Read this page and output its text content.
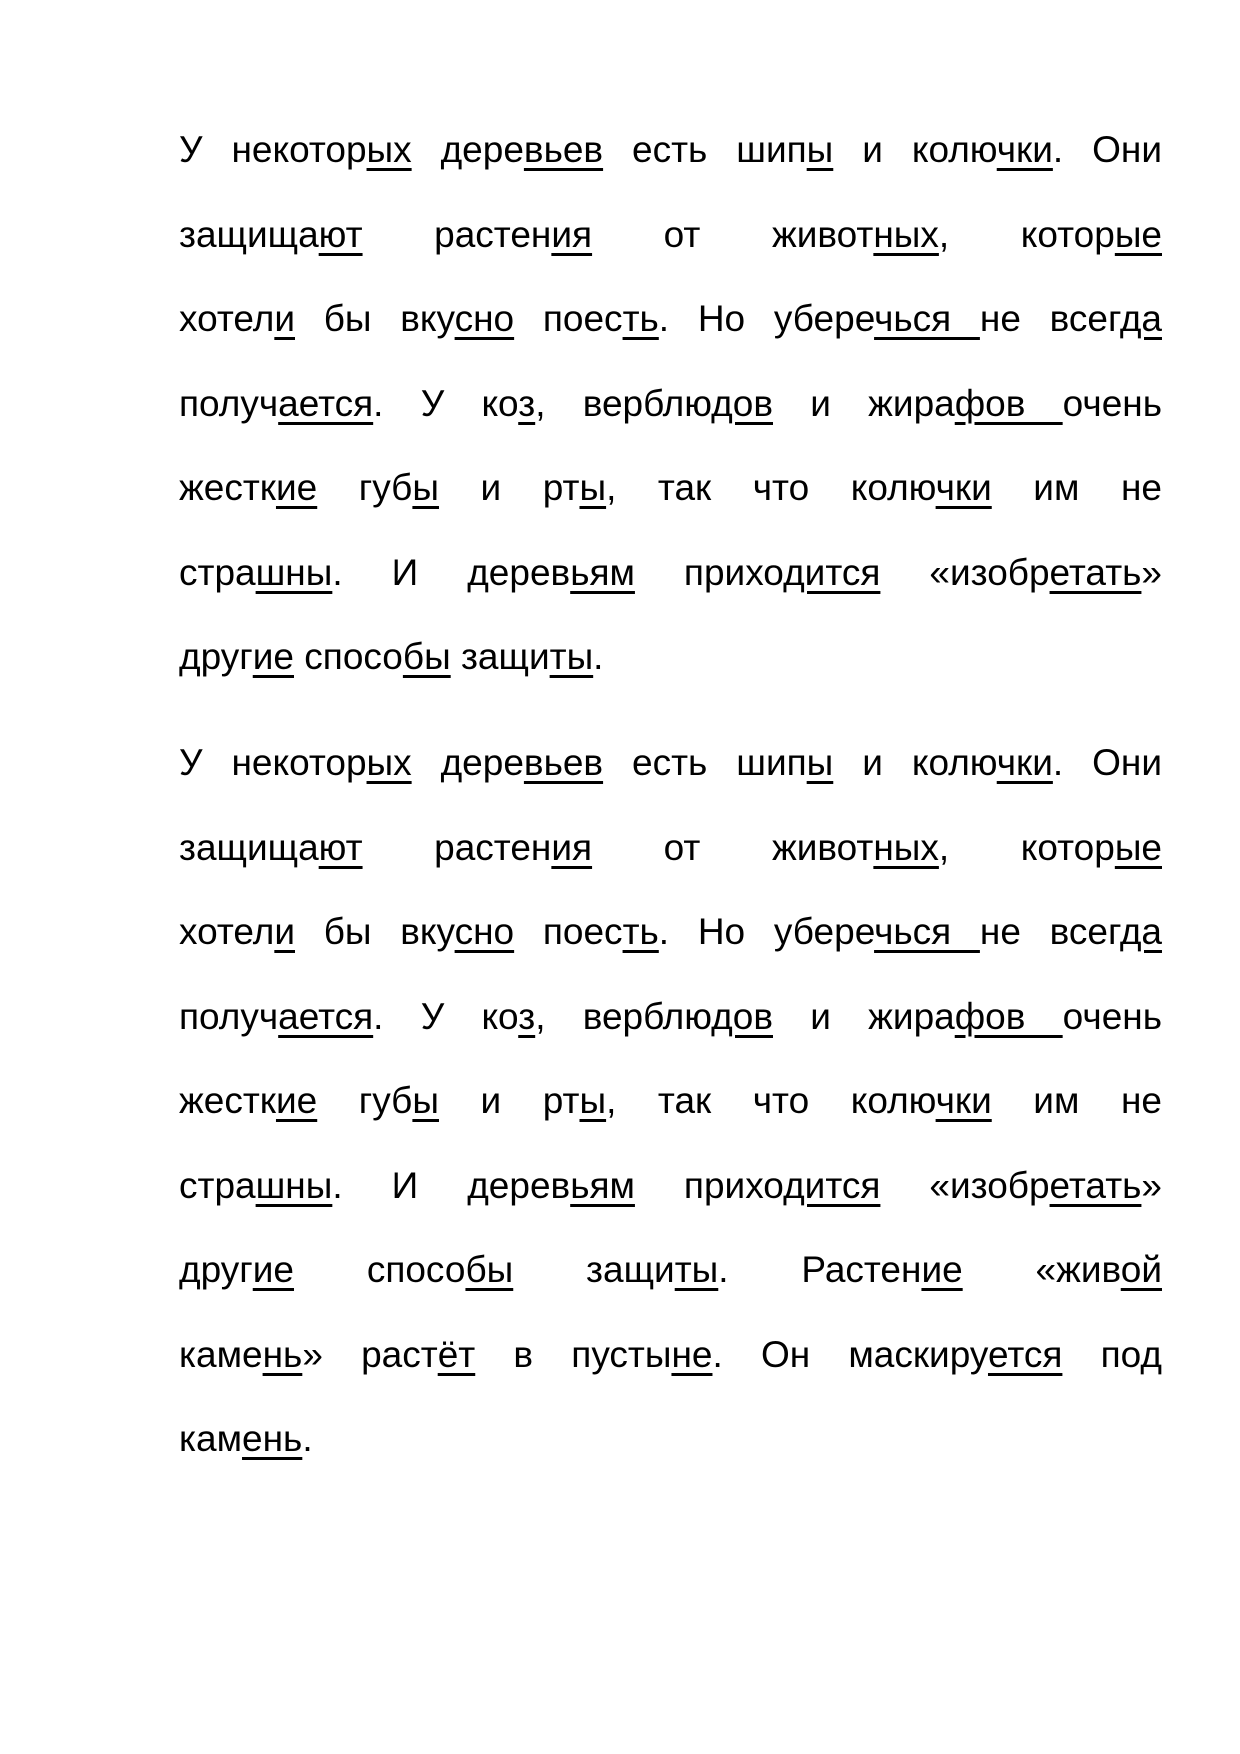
У некоторых деревьев есть шипы и колючки. Они
защищают растения от животных, которые
хотели бы вкусно поесть. Но уберечься не всегда
получается. У коз, верблюдов и жирафов очень
жесткие губы и рты, так что колючки им не
страшны. И деревьям приходится «изобретать»
другие способы защиты.
У некоторых деревьев есть шипы и колючки. Они
защищают растения от животных, которые
хотели бы вкусно поесть. Но уберечься не всегда
получается. У коз, верблюдов и жирафов очень
жесткие губы и рты, так что колючки им не
страшны. И деревьям приходится «изобретать»
другие способы защиты. Растение «живой
камень» растёт в пустыне. Он маскируется под
камень.
